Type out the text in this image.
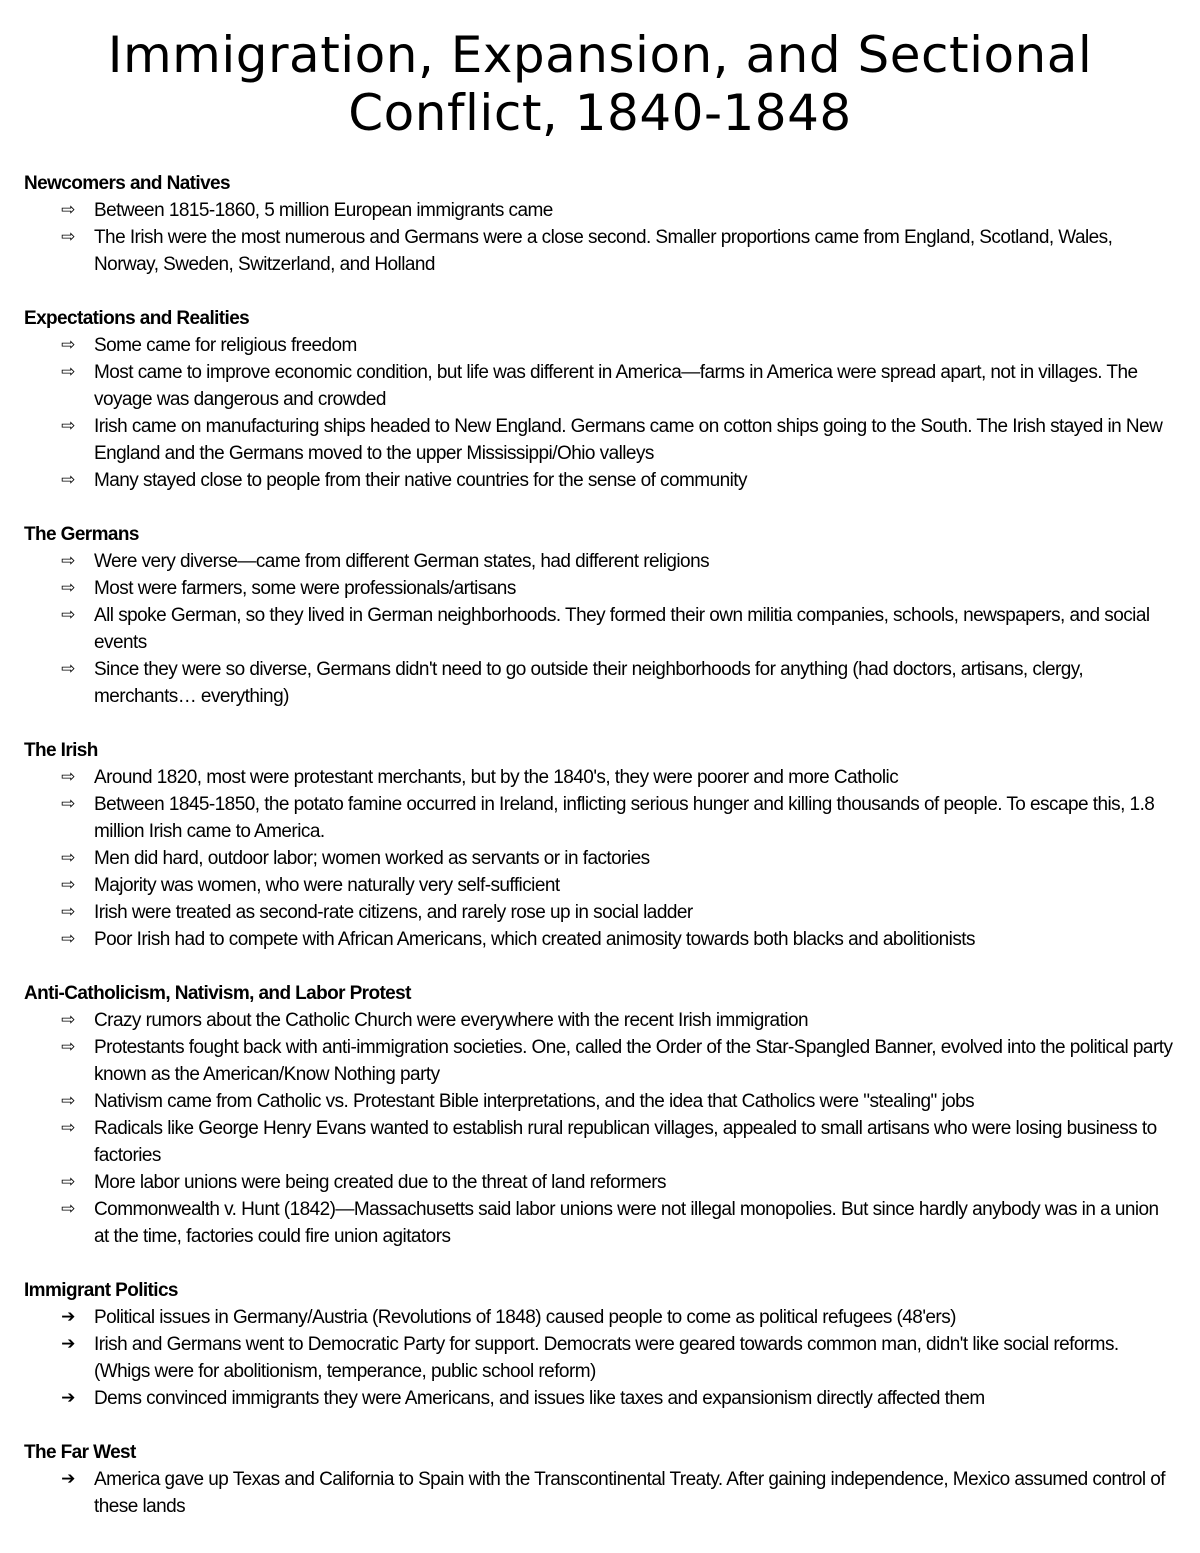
Immigration, Expansion, and Sectional
Conflict, 1840-1848
Newcomers and Natives
⇨ Between 1815-1860, 5 million European immigrants came
⇨ The Irish were the most numerous and Germans were a close second. Smaller proportions came from England, Scotland, Wales, Norway, Sweden, Switzerland, and Holland
Expectations and Realities
⇨ Some came for religious freedom
⇨ Most came to improve economic condition, but life was different in America—farms in America were spread apart, not in villages. The voyage was dangerous and crowded
⇨ Irish came on manufacturing ships headed to New England. Germans came on cotton ships going to the South. The Irish stayed in New England and the Germans moved to the upper Mississippi/Ohio valleys
⇨ Many stayed close to people from their native countries for the sense of community
The Germans
⇨ Were very diverse—came from different German states, had different religions
⇨ Most were farmers, some were professionals/artisans
⇨ All spoke German, so they lived in German neighborhoods. They formed their own militia companies, schools, newspapers, and social events
⇨ Since they were so diverse, Germans didn't need to go outside their neighborhoods for anything (had doctors, artisans, clergy, merchants… everything)
The Irish
⇨ Around 1820, most were protestant merchants, but by the 1840's, they were poorer and more Catholic
⇨ Between 1845-1850, the potato famine occurred in Ireland, inflicting serious hunger and killing thousands of people. To escape this, 1.8 million Irish came to America.
⇨ Men did hard, outdoor labor; women worked as servants or in factories
⇨ Majority was women, who were naturally very self-sufficient
⇨ Irish were treated as second-rate citizens, and rarely rose up in social ladder
⇨ Poor Irish had to compete with African Americans, which created animosity towards both blacks and abolitionists
Anti-Catholicism, Nativism, and Labor Protest
⇨ Crazy rumors about the Catholic Church were everywhere with the recent Irish immigration
⇨ Protestants fought back with anti-immigration societies. One, called the Order of the Star-Spangled Banner, evolved into the political party known as the American/Know Nothing party
⇨ Nativism came from Catholic vs. Protestant Bible interpretations, and the idea that Catholics were "stealing" jobs
⇨ Radicals like George Henry Evans wanted to establish rural republican villages, appealed to small artisans who were losing business to factories
⇨ More labor unions were being created due to the threat of land reformers
⇨ Commonwealth v. Hunt (1842)—Massachusetts said labor unions were not illegal monopolies. But since hardly anybody was in a union at the time, factories could fire union agitators
Immigrant Politics
➔ Political issues in Germany/Austria (Revolutions of 1848) caused people to come as political refugees (48'ers)
➔ Irish and Germans went to Democratic Party for support. Democrats were geared towards common man, didn't like social reforms. (Whigs were for abolitionism, temperance, public school reform)
➔ Dems convinced immigrants they were Americans, and issues like taxes and expansionism directly affected them
The Far West
➔ America gave up Texas and California to Spain with the Transcontinental Treaty. After gaining independence, Mexico assumed control of these lands
